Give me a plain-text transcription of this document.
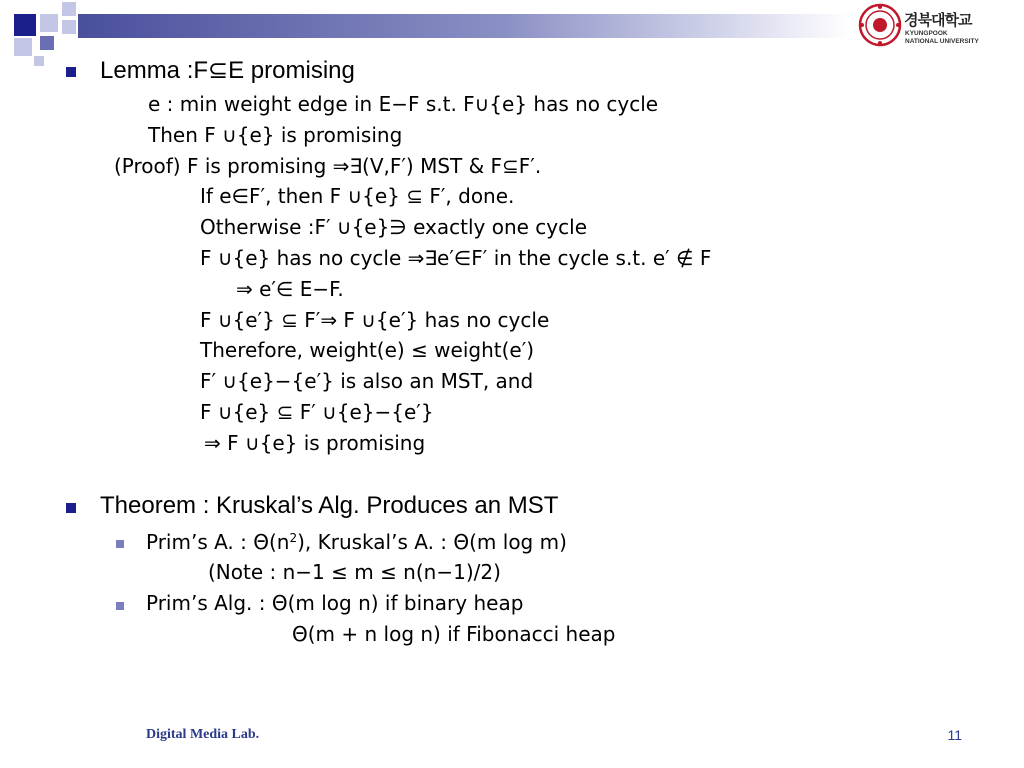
경북대학교
KYUNGPOOK
NATIONAL UNIVERSITY
Lemma :F⊆E promising
e : min weight edge in E−F s.t. F∪{e} has no cycle
Then F ∪{e} is promising
(Proof) F is promising ⇒∃(V,F′) MST & F⊆F′.
If e∈F′, then F ∪{e} ⊆ F′, done.
Otherwise :F′ ∪{e}∋ exactly one cycle
F ∪{e} has no cycle ⇒∃e′∈F′ in the cycle s.t. e′ ∉ F
⇒ e′∈ E−F.
F ∪{e′} ⊆ F′⇒ F ∪{e′} has no cycle
Therefore, weight(e) ≤ weight(e′)
F′ ∪{e}−{e′} is also an MST, and
F ∪{e} ⊆ F′ ∪{e}−{e′}
⇒ F ∪{e} is promising
Theorem : Kruskal’s Alg. Produces an MST
Prim’s A. : $\Theta(n^2)$, Kruskal’s A. : Θ(m log m)
(Note : n−1 ≤ m ≤ n(n−1)/2)
Prim’s Alg. : Θ(m log n) if binary heap
Θ(m + n log n) if Fibonacci heap
Digital Media Lab.	11
